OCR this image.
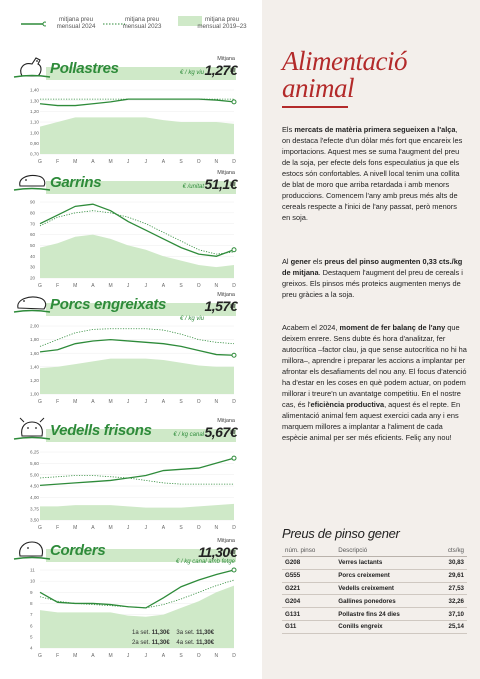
mitjana preu
mensual 2024
mitjana preu
mensual 2023
mitjana preu
mensual 2019–23
Pollastres	€ / kg viu
Mitjana
1,27€
1,40
1,30
1,20
1,10
1,00
0,90
0,70
G	F	M	A	M	J	J	A	S	O	N	D
Garrins	€ /unitat
Mitjana
51,1€
90
80
70
60
50
40
30
20
G	F	M	A	M	J	J	A	S	O	N	D
Porcs engreixats
€ / kg viu
Mitjana
1,57€
2,00
1,80
1,60
1,40
1,20
1,00
G	F	M	A	M	J	J	A	S	O	N	D
Vedells frisons	€ / kg canal
Mitjana
5,67€
6,25
5,60
5,00
4,50
4,00
3,75
3,50
G	F	M	A	M	J	J	A	S	O	N	D
Corders
€ / kg canal amb fetge
Mitjana
11,30€
11
10
9
8
7
6
5
4
G	F	M	A	M	J	J	A	S	O	N	D
1a set. 11,30€ 3a set. 11,30€
2a set. 11,30€ 4a set. 11,30€
Alimentació
animal
Els mercats de matèria primera segueixen a l'alça, on destaca l'efecte d'un dòlar més fort que encareix les importacions. Aquest mes se suma l'augment del preu de la soja, per efecte dels fons especulatius ja que els estocs són confortables. A nivell local tenim una collita de blat de moro que arriba retardada i amb menors produccions. Comencem l'any amb preus més alts de cereals respecte a l'inici de l'any passat, però menors en soja.
Al gener els preus del pinso augmenten 0,33 cts./kg de mitjana. Destaquem l'augment del preu de cereals i greixos. Els pinsos més proteics augmenten menys de preu gràcies a la soja.
Acabem el 2024, moment de fer balanç de l'any que deixem enrere. Sens dubte és hora d'analitzar, fer autocrítica –factor clau, ja que sense autocrítica no hi ha millora–, aprendre i preparar les accions a implantar per afrontar els desafiaments del nou any. El focus d'atenció ha d'estar en les coses en què podem actuar, on podem millorar i treure'n un avantatge competitiu. En el nostre cas, és l'eficiència productiva, aquest és el repte. En alimentació animal fem aquest exercici cada any i ens marquem millores a implantar a l'aliment de cada espècie animal per ser més eficients. Feliç any nou!
Preus de pinso gener
núm. pinso	Descripció	cts/kg
G208	Verres lactants	30,83
G555	Porcs creixement	29,61
G221	Vedells creixement	27,53
G204	Gallines ponedores	32,26
G131	Pollastre fins 24 dies	37,10
G11	Conills engreix	25,14
